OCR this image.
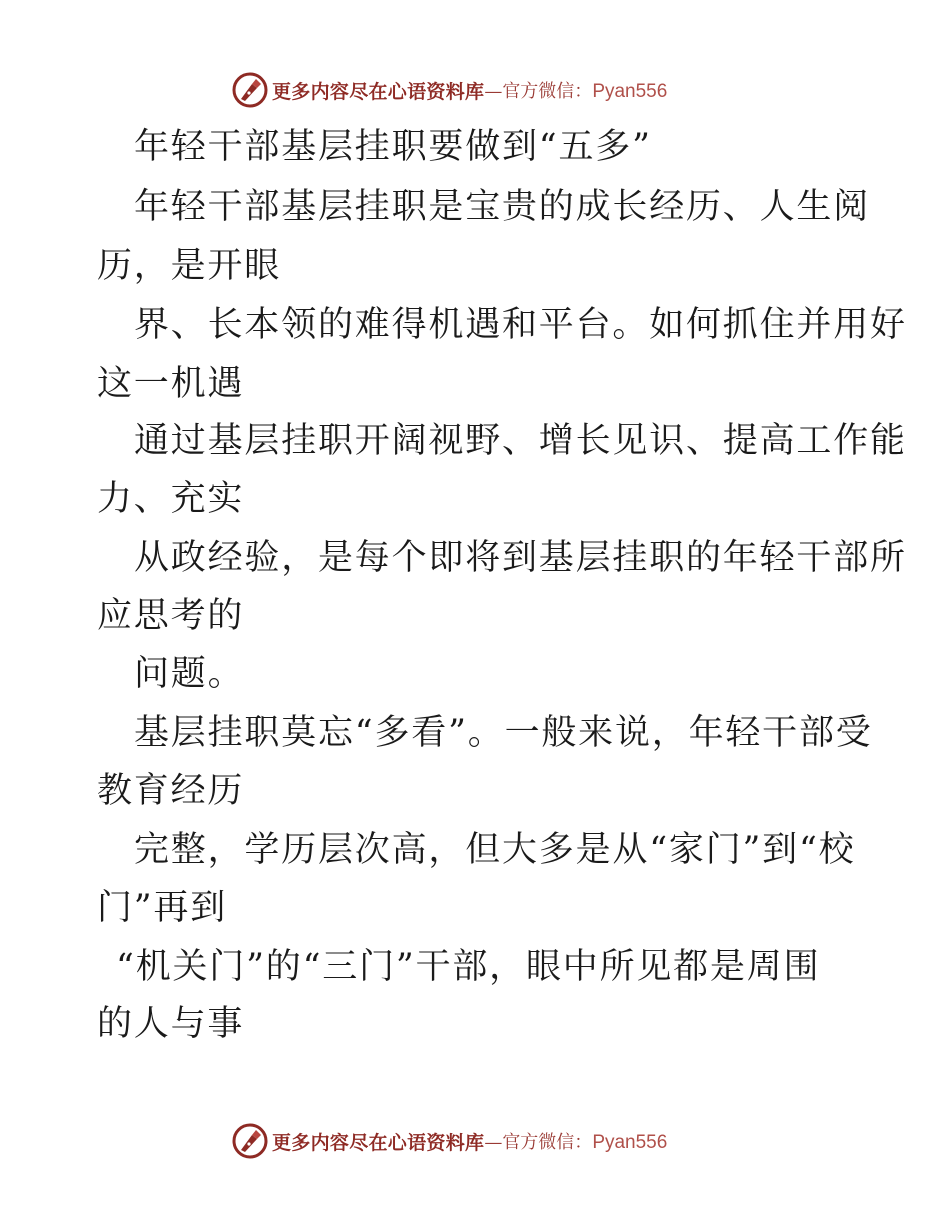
更多内容尽在心语资料库 —官方微信：Pyan556

年轻干部基层挂职要做到“五多”

年轻干部基层挂职是宝贵的成长经历、人生阅

历，是开眼

界、长本领的难得机遇和平台。如何抓住并用好

这一机遇

通过基层挂职开阔视野、增长见识、提高工作能

力、充实

从政经验，是每个即将到基层挂职的年轻干部所

应思考的

问题。

基层挂职莫忘“多看”。一般来说，年轻干部受

教育经历

完整，学历层次高，但大多是从“家门”到“校

门”再到

“机关门”的“三门”干部，眼中所见都是周围

的人与事

更多内容尽在心语资料库 —官方微信：Pyan556
